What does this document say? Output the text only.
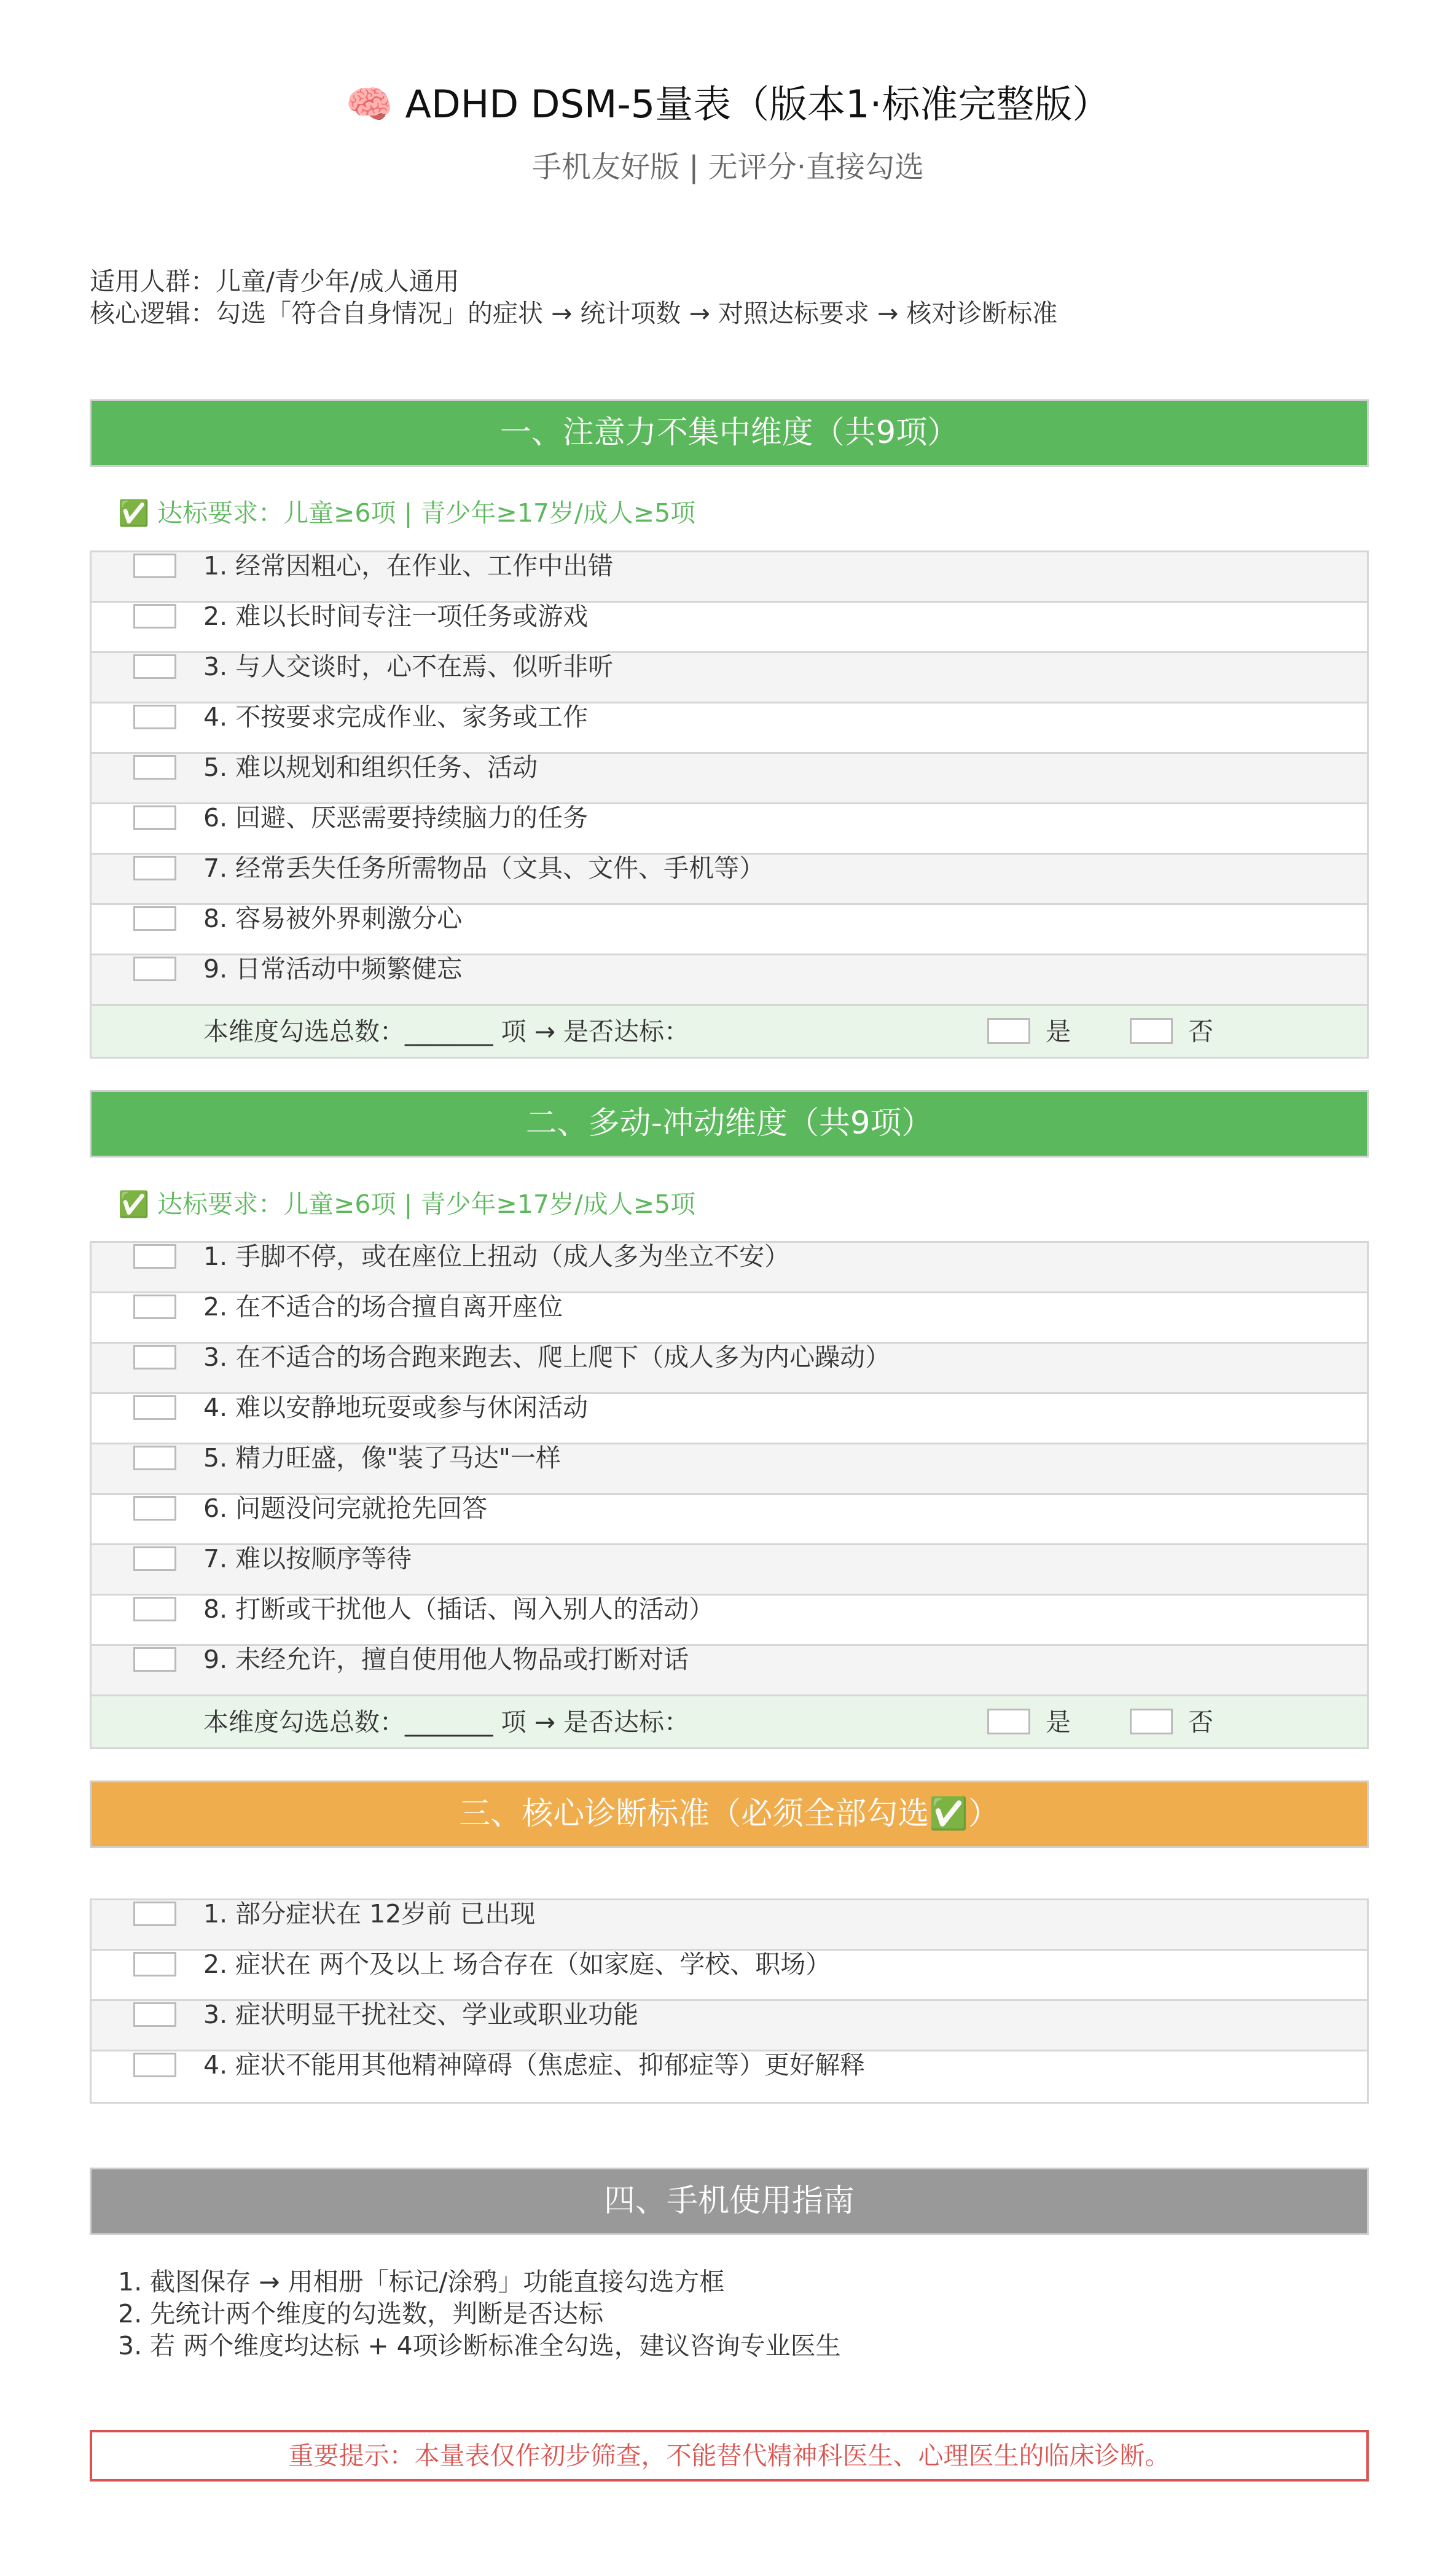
🧠 ADHD DSM-5量表（版本1·标准完整版）
手机友好版 | 无评分·直接勾选
适用人群：儿童/青少年/成人通用
核心逻辑：勾选「符合自身情况」的症状 → 统计项数 → 对照达标要求 → 核对诊断标准
一、注意力不集中维度（共9项）
✅ 达标要求：儿童≥6项 | 青少年≥17岁/成人≥5项
1. 经常因粗心，在作业、工作中出错
2. 难以长时间专注一项任务或游戏
3. 与人交谈时，心不在焉、似听非听
4. 不按要求完成作业、家务或工作
5. 难以规划和组织任务、活动
6. 回避、厌恶需要持续脑力的任务
7. 经常丢失任务所需物品（文具、文件、手机等）
8. 容易被外界刺激分心
9. 日常活动中频繁健忘
本维度勾选总数：_______ 项 → 是否达标：	是	否
二、多动-冲动维度（共9项）
✅ 达标要求：儿童≥6项 | 青少年≥17岁/成人≥5项
1. 手脚不停，或在座位上扭动（成人多为坐立不安）
2. 在不适合的场合擅自离开座位
3. 在不适合的场合跑来跑去、爬上爬下（成人多为内心躁动）
4. 难以安静地玩耍或参与休闲活动
5. 精力旺盛，像"装了马达"一样
6. 问题没问完就抢先回答
7. 难以按顺序等待
8. 打断或干扰他人（插话、闯入别人的活动）
9. 未经允许，擅自使用他人物品或打断对话
本维度勾选总数：_______ 项 → 是否达标：	是	否
三、核心诊断标准（必须全部勾选✅）
1. 部分症状在 12岁前 已出现
2. 症状在 两个及以上 场合存在（如家庭、学校、职场）
3. 症状明显干扰社交、学业或职业功能
4. 症状不能用其他精神障碍（焦虑症、抑郁症等）更好解释
四、手机使用指南
1. 截图保存 → 用相册「标记/涂鸦」功能直接勾选方框
2. 先统计两个维度的勾选数，判断是否达标
3. 若 两个维度均达标 + 4项诊断标准全勾选，建议咨询专业医生
重要提示：本量表仅作初步筛查，不能替代精神科医生、心理医生的临床诊断。
